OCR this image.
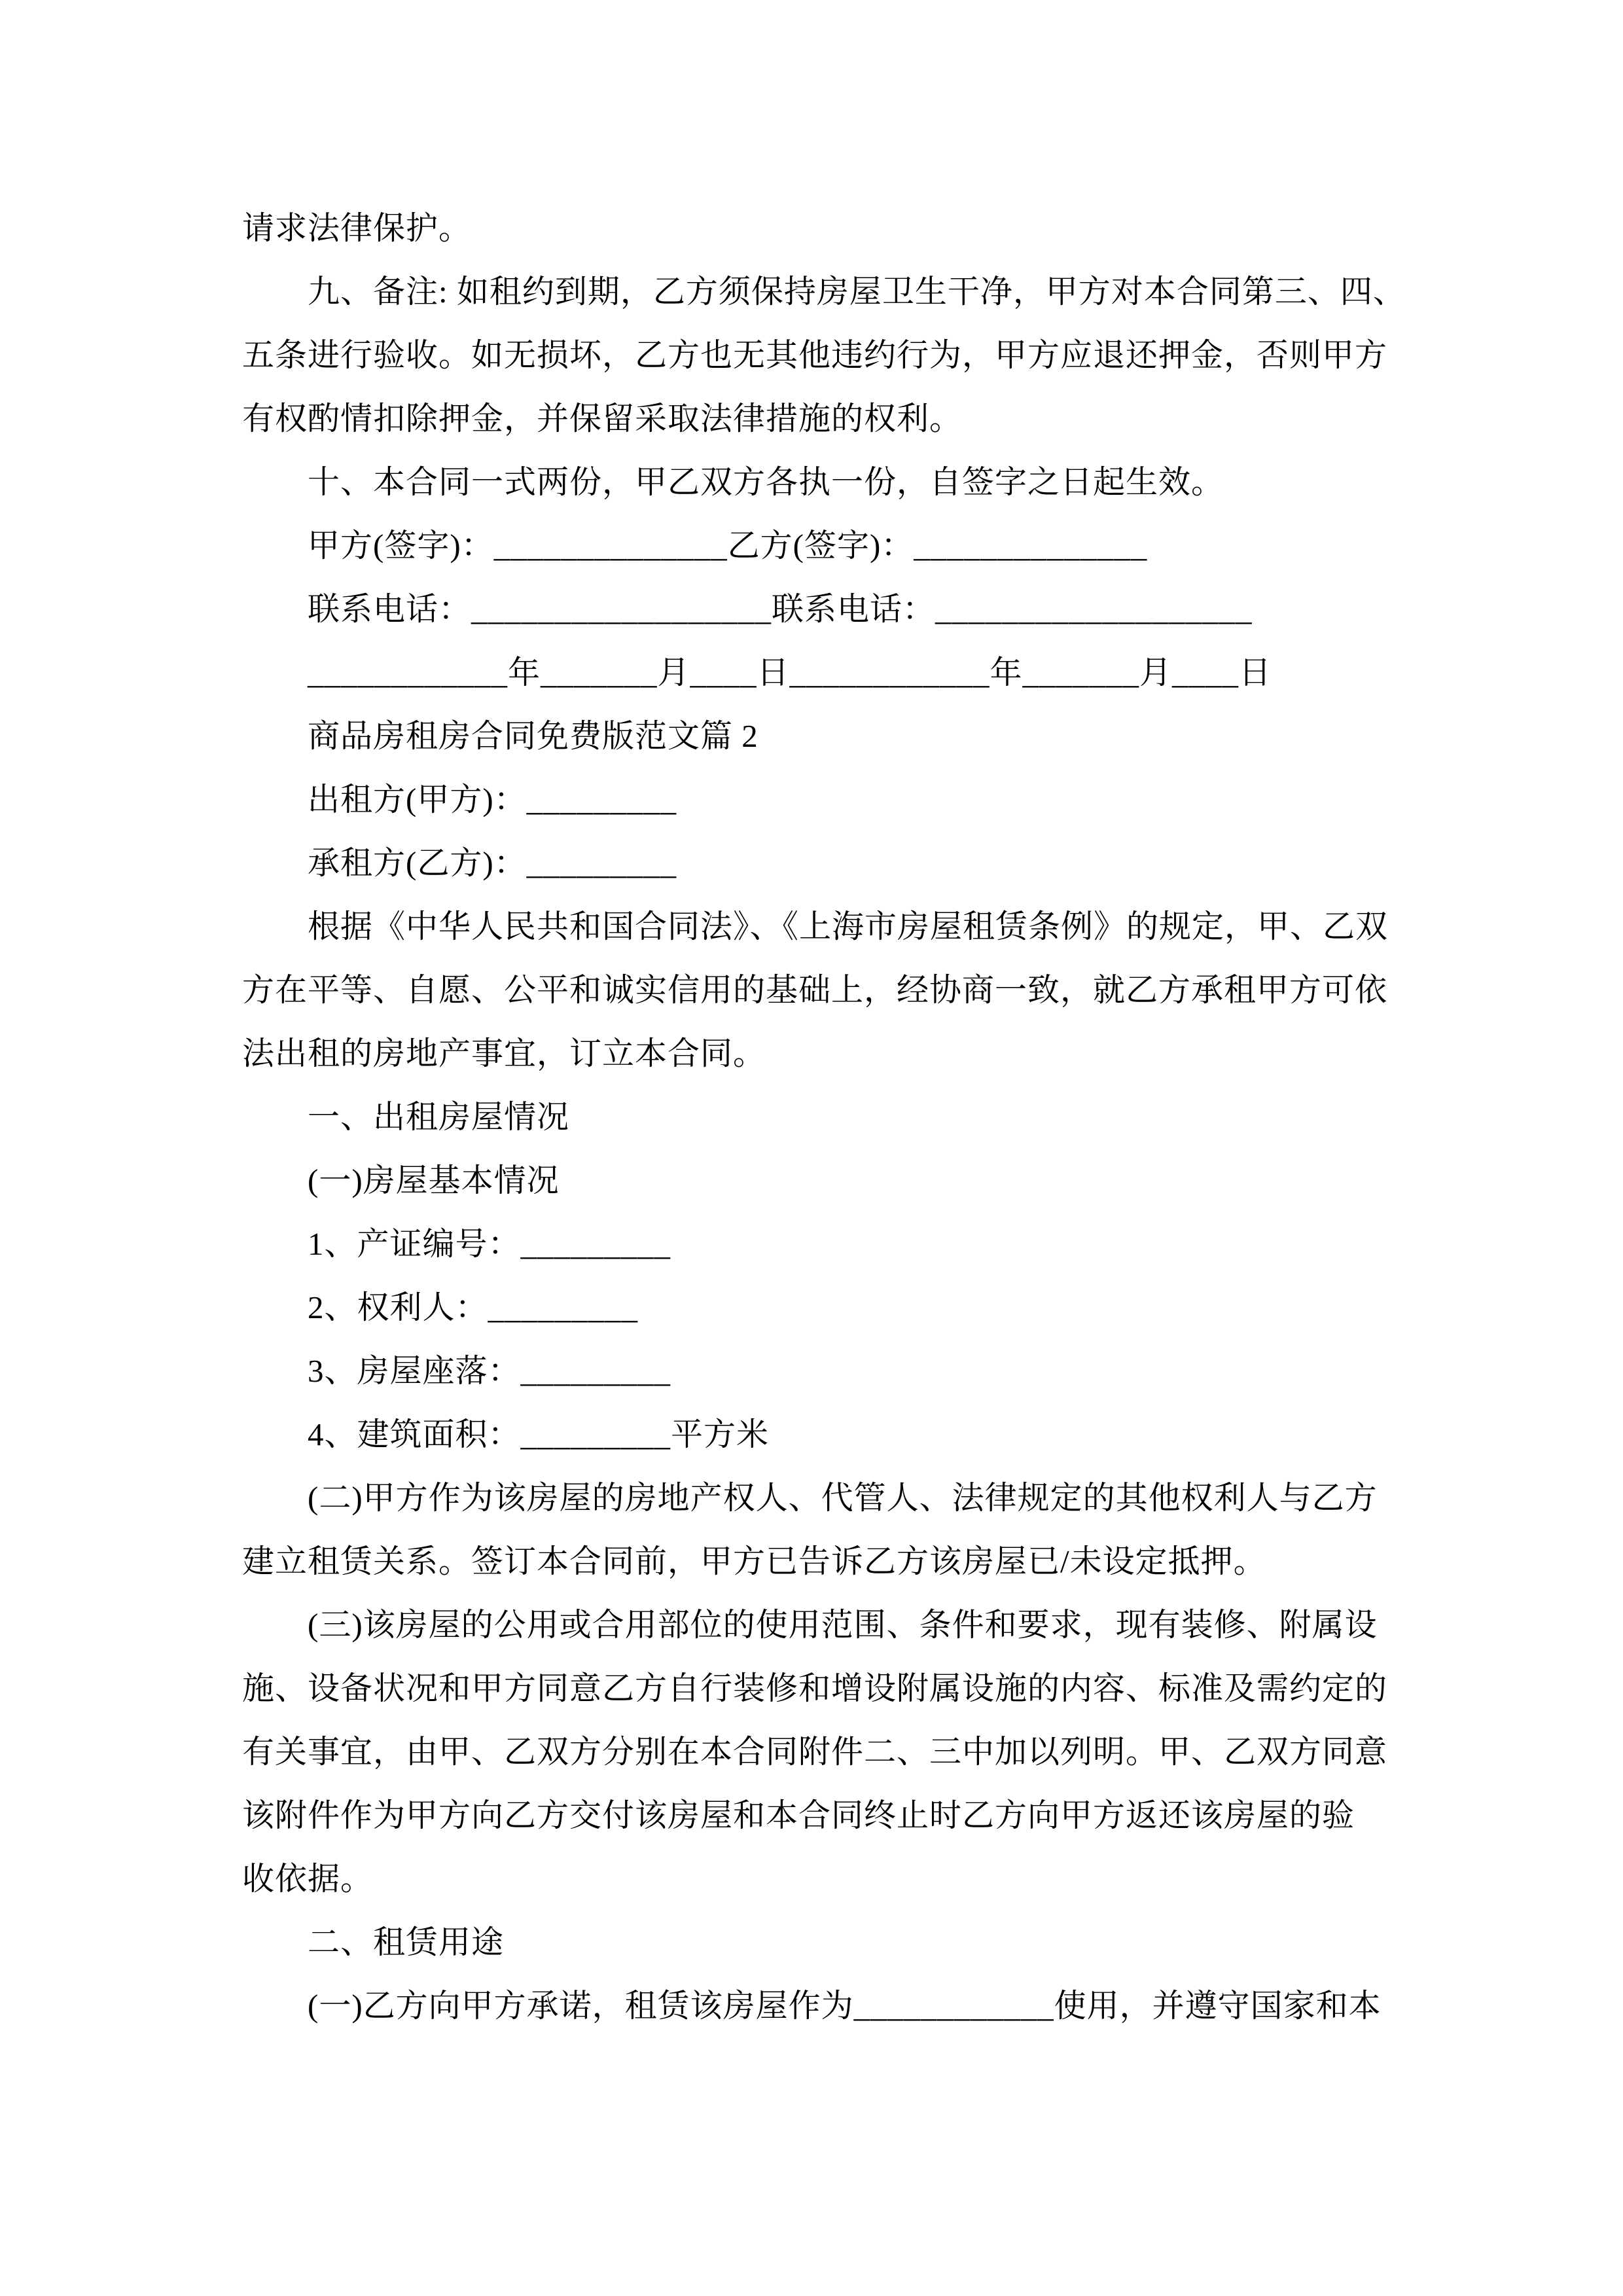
请求法律保护。
九、备注: 如租约到期，乙方须保持房屋卫生干净，甲方对本合同第三、四、
五条进行验收。如无损坏，乙方也无其他违约行为，甲方应退还押金，否则甲方
有权酌情扣除押金，并保留采取法律措施的权利。
十、本合同一式两份，甲乙双方各执一份，自签字之日起生效。
甲方(签字)：______________乙方(签字)：______________
联系电话：__________________联系电话：___________________
____________年_______月____日____________年_______月____日
商品房租房合同免费版范文篇 2
出租方(甲方)：_________
承租方(乙方)：_________
根据《中华人民共和国合同法》、《上海市房屋租赁条例》的规定，甲、乙双
方在平等、自愿、公平和诚实信用的基础上，经协商一致，就乙方承租甲方可依
法出租的房地产事宜，订立本合同。
一、出租房屋情况
(一)房屋基本情况
1、产证编号：_________
2、权利人：_________
3、房屋座落：_________
4、建筑面积：_________平方米
(二)甲方作为该房屋的房地产权人、代管人、法律规定的其他权利人与乙方
建立租赁关系。签订本合同前，甲方已告诉乙方该房屋已/未设定抵押。
(三)该房屋的公用或合用部位的使用范围、条件和要求，现有装修、附属设
施、设备状况和甲方同意乙方自行装修和增设附属设施的内容、标准及需约定的
有关事宜，由甲、乙双方分别在本合同附件二、三中加以列明。甲、乙双方同意
该附件作为甲方向乙方交付该房屋和本合同终止时乙方向甲方返还该房屋的验
收依据。
二、租赁用途
(一)乙方向甲方承诺，租赁该房屋作为____________使用，并遵守国家和本
